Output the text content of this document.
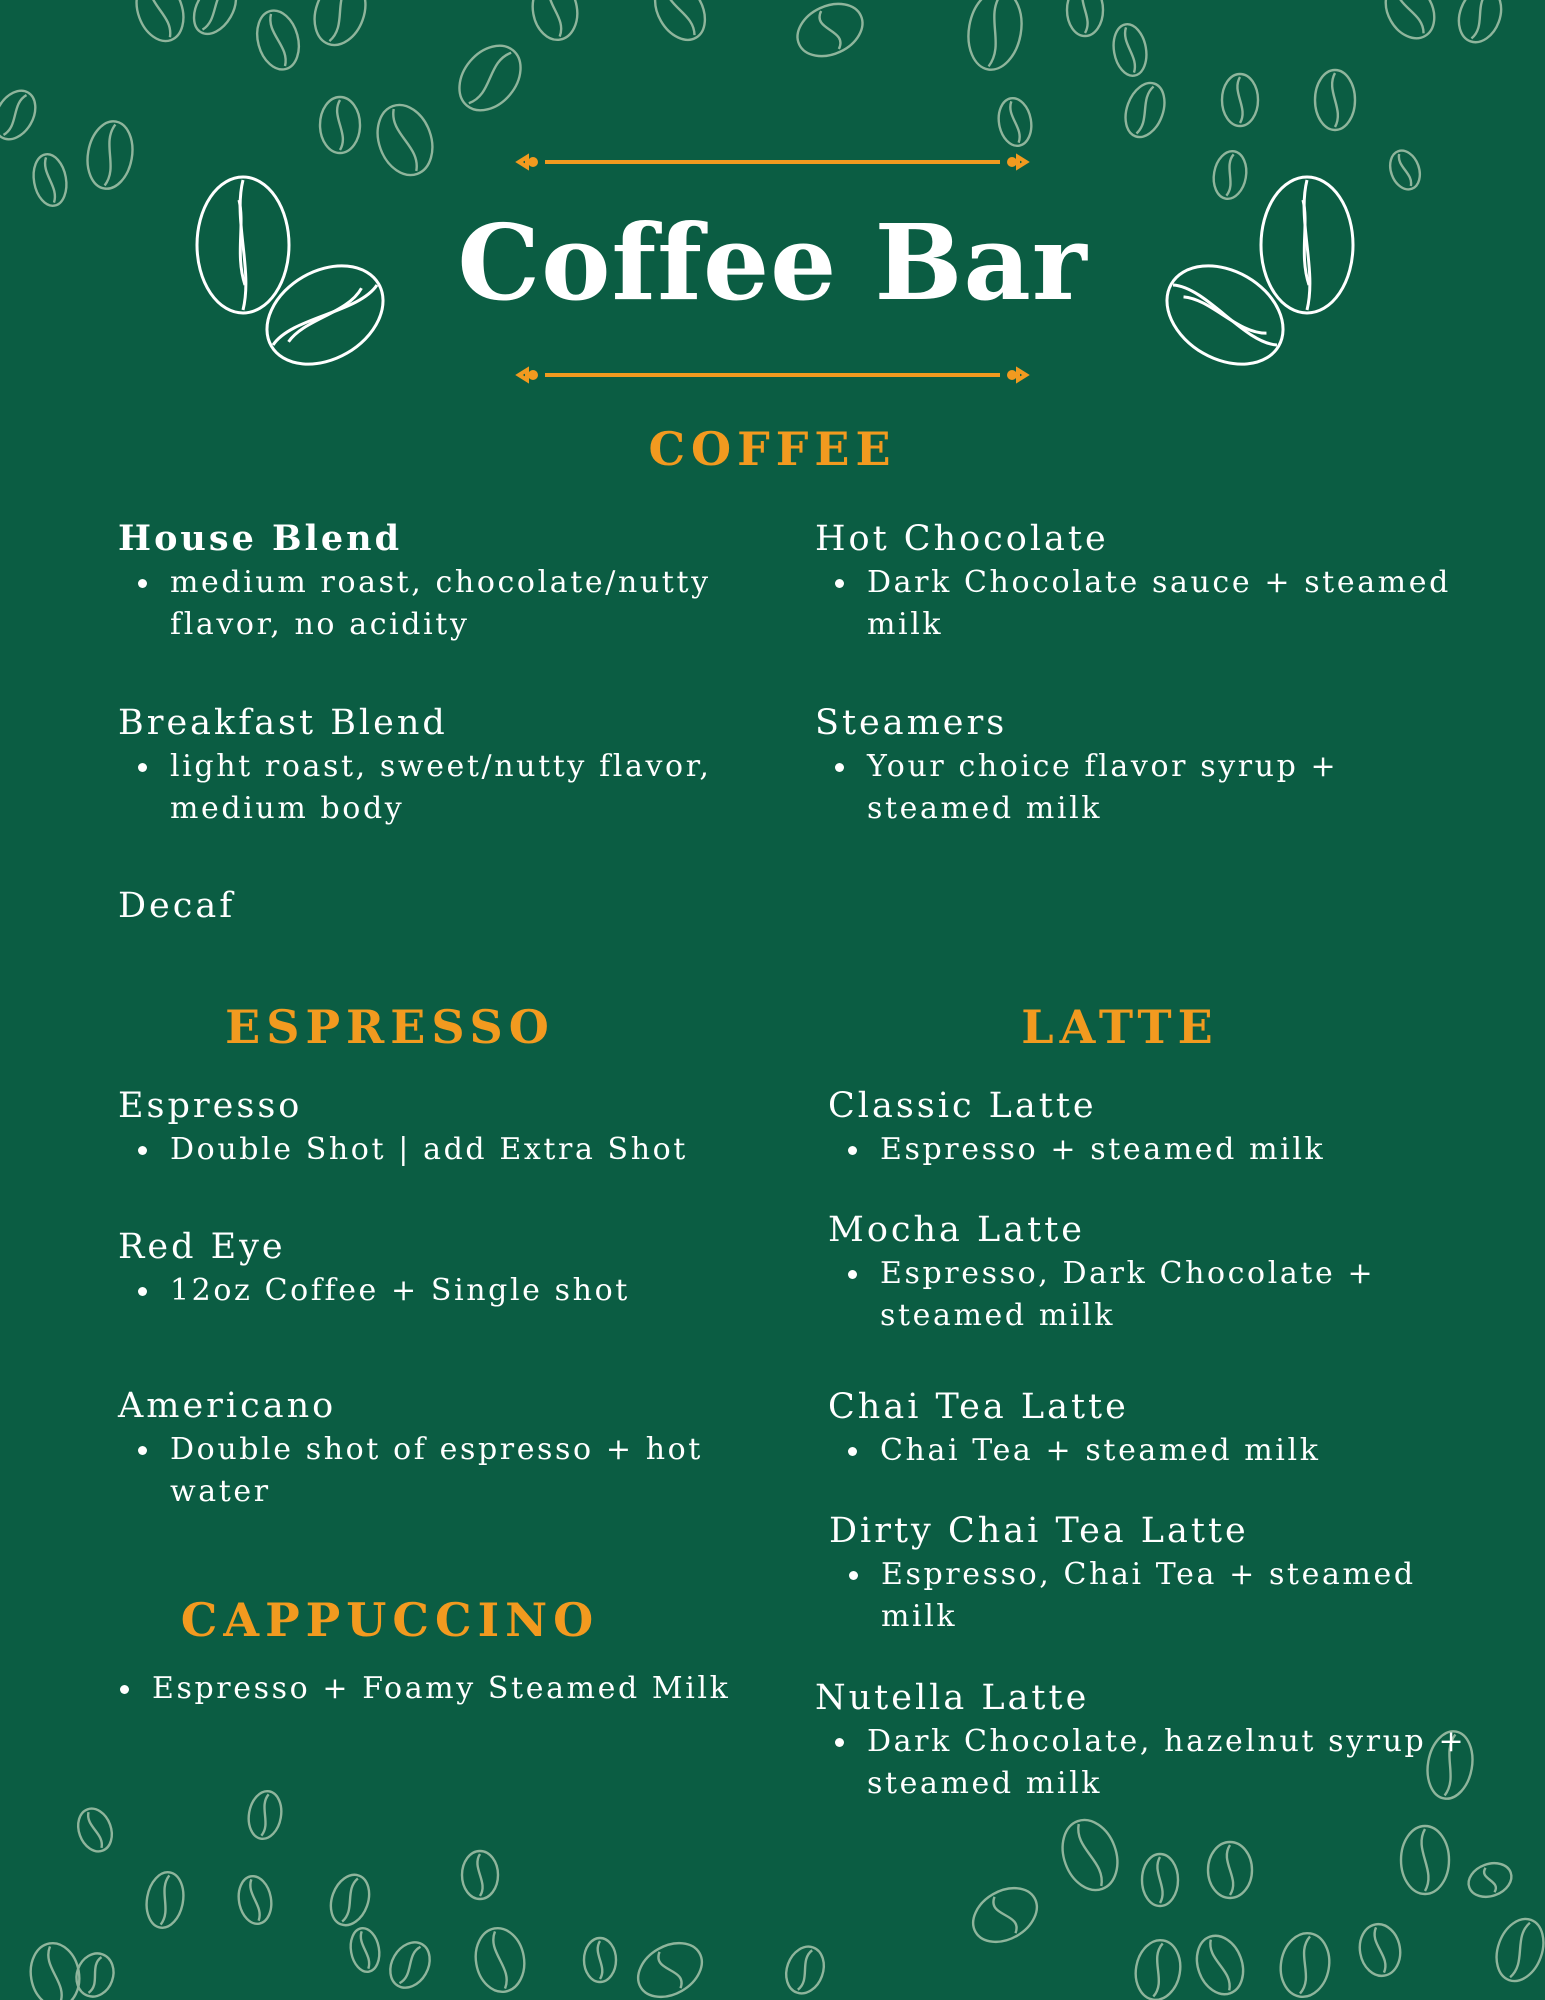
Coffee Bar
COFFEE
House Blend
medium roast, chocolate/nutty flavor, no acidity
Breakfast Blend
light roast, sweet/nutty flavor, medium body
Decaf
Hot Chocolate
Dark Chocolate sauce + steamed milk
Steamers
Your choice flavor syrup + steamed milk
ESPRESSO
Espresso
Double Shot | add Extra Shot
Red Eye
12oz Coffee + Single shot
Americano
Double shot of espresso + hot water
CAPPUCCINO
Espresso + Foamy Steamed Milk
LATTE
Classic Latte
Espresso + steamed milk
Mocha Latte
Espresso, Dark Chocolate + steamed milk
Chai Tea Latte
Chai Tea + steamed milk
Dirty Chai Tea Latte
Espresso, Chai Tea + steamed milk
Nutella Latte
Dark Chocolate, hazelnut syrup + steamed milk
